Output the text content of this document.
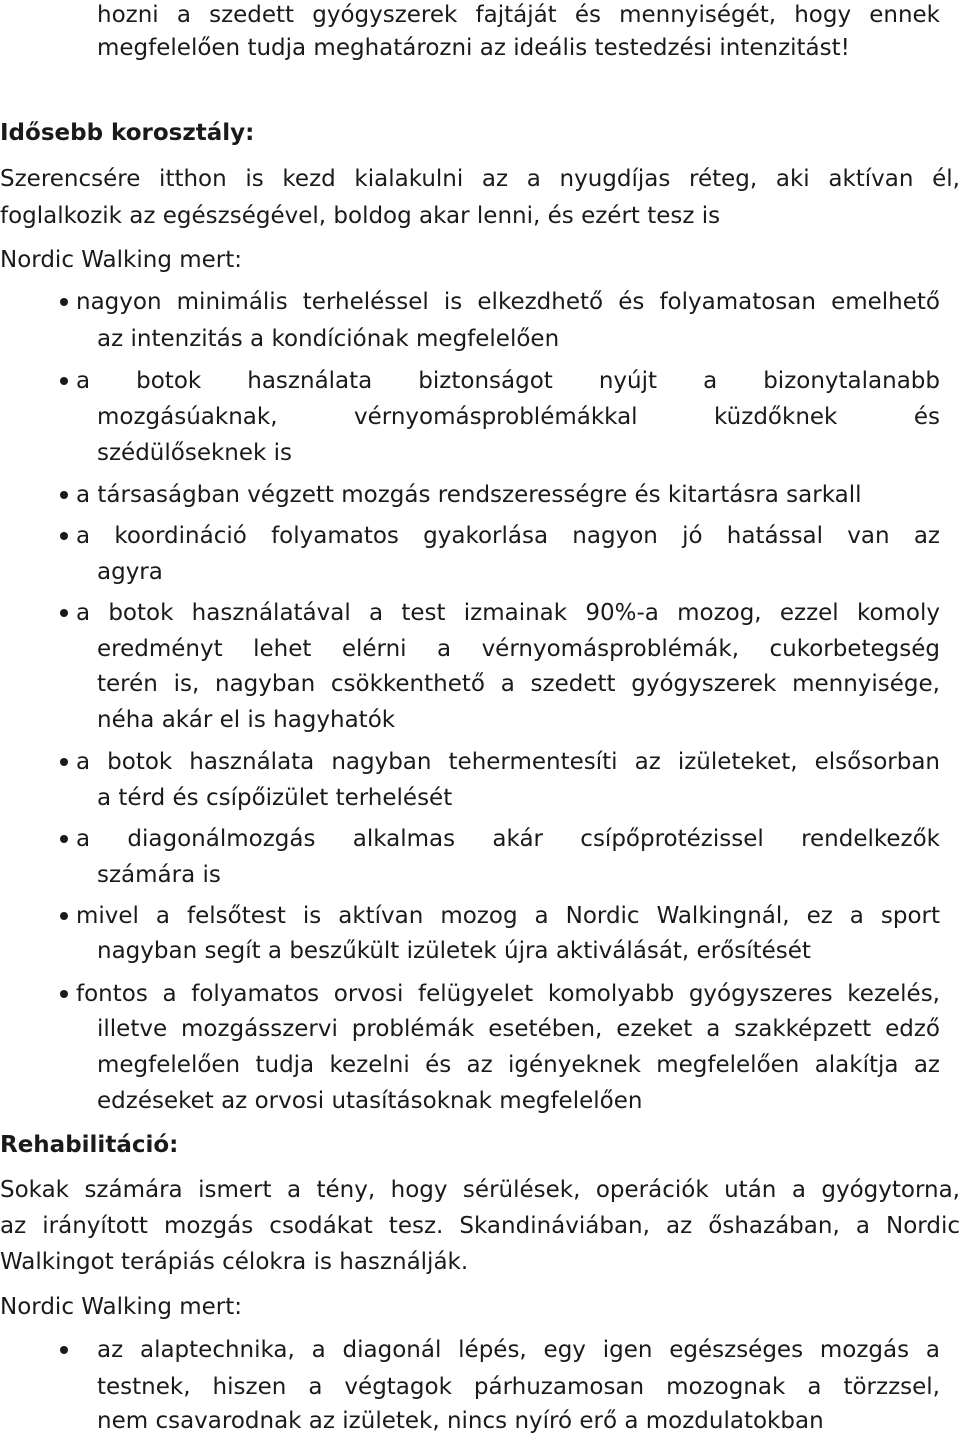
hozni a szedett gyógyszerek fajtáját és mennyiségét, hogy ennek
megfelelően tudja meghatározni az ideális testedzési intenzitást!
Idősebb korosztály:
Szerencsére itthon is kezd kialakulni az a nyugdíjas réteg, aki aktívan él,
foglalkozik az egészségével, boldog akar lenni, és ezért tesz is
Nordic Walking mert:
nagyon minimális terheléssel is elkezdhető és folyamatosan emelhető
az intenzitás a kondíciónak megfelelően
a botok használata biztonságot nyújt a bizonytalanabb
mozgásúaknak, vérnyomásproblémákkal küzdőknek és
szédülőseknek is
a társaságban végzett mozgás rendszerességre és kitartásra sarkall
a koordináció folyamatos gyakorlása nagyon jó hatással van az
agyra
a botok használatával a test izmainak 90%-a mozog, ezzel komoly
eredményt lehet elérni a vérnyomásproblémák, cukorbetegség
terén is, nagyban csökkenthető a szedett gyógyszerek mennyisége,
néha akár el is hagyhatók
a botok használata nagyban tehermentesíti az izületeket, elsősorban
a térd és csípőizület terhelését
a diagonálmozgás alkalmas akár csípőprotézissel rendelkezők
számára is
mivel a felsőtest is aktívan mozog a Nordic Walkingnál, ez a sport
nagyban segít a beszűkült izületek újra aktiválását, erősítését
fontos a folyamatos orvosi felügyelet komolyabb gyógyszeres kezelés,
illetve mozgásszervi problémák esetében, ezeket a szakképzett edző
megfelelően tudja kezelni és az igényeknek megfelelően alakítja az
edzéseket az orvosi utasításoknak megfelelően
Rehabilitáció:
Sokak számára ismert a tény, hogy sérülések, operációk után a gyógytorna,
az irányított mozgás csodákat tesz. Skandináviában, az őshazában, a Nordic
Walkingot terápiás célokra is használják.
Nordic Walking mert:
az alaptechnika, a diagonál lépés, egy igen egészséges mozgás a
testnek, hiszen a végtagok párhuzamosan mozognak a törzzsel,
nem csavarodnak az izületek, nincs nyíró erő a mozdulatokban
